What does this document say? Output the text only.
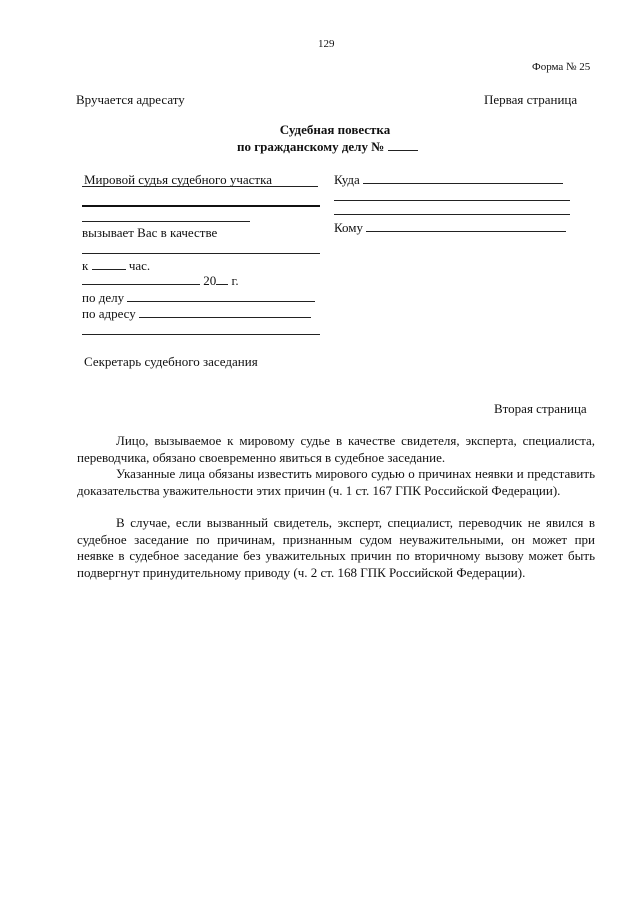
129
Форма № 25
Вручается адресату	Первая страница
Судебная повестка
по гражданскому делу №
Мировой судья судебного участка
вызывает Вас в качестве
к	час.
20 г.
по делу
по адресу
Секретарь судебного заседания
Куда
Кому
Вторая страница
Лицо, вызываемое к мировому судье в качестве свидетеля, эксперта, специалиста, переводчика, обязано своевременно явиться в судебное заседание.
Указанные лица обязаны известить мирового судью о причинах неявки и представить доказательства уважительности этих причин (ч. 1 ст. 167 ГПК Российской Федерации).
В случае, если вызванный свидетель, эксперт, специалист, переводчик не явился в судебное заседание по причинам, признанным судом неуважительными, он может при неявке в судебное заседание без уважительных причин по вторичному вызову может быть подвергнут принудительному приводу (ч. 2 ст. 168 ГПК Российской Федерации).
